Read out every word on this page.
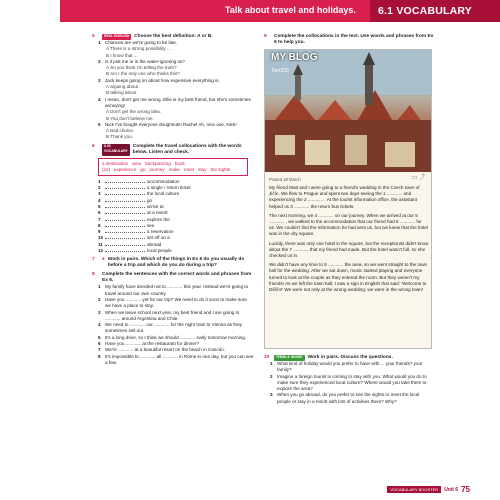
Talk about travel and holidays.	6.1 VOCABULARY
5	REAL ENGLISH	Choose the best definition: A or B.
1 Chances are we're going to be late.
A There is a strong possibility ...
B I know that ...
2 Is it just me or is the water-ignoring us?
A So you think I'm telling the truth?
B Am I the only one who thinks this?
3 Jack keeps going on about how expensive everything is.
A arguing about
B talking about
4 I mean, don't get me wrong. Ellie is my best friend, but she's sometimes annoying!
A Don't get the wrong idea.
B You don't believe me.
5 Nick I've bought everyone doughnuts! Rachel Ah, nice one, Nick!
A Bad choice.
B Thank you.
6	6.03 VOCABULARY
Complete the travel collocations with the words below. Listen and check.
a destination area backpacking book (x2) experience go journey make meet stay the sights
1	accommodation
2	a single / return ticket
3	the local culture
4	go
5	arrive at
6	at a resort
7	explore the
8	see
9	a reservation
10	set off on a
11	abroad
12	local people
7	● Work in pairs. Which of the things in Ex 6 do you usually do before a trip and which do you do during a trip?
8	Complete the sentences with the correct words and phrases from Ex 6.
1 My family have decided not to ............ this year. Instead we're going to travel around our own country.
2 Have you ............ yet for our trip? We need to do it soon to make sure we have a place to stay.
3 When we leave school next year, my best friend and I are going to ............ around Argentina and Chile.
4 We need to ............ our ............ for the night train to Vienna as they sometimes sell out.
5 It's a long drive, so I think we should ............ early tomorrow morning.
6 Have you ............ at the restaurant for dinner?
7 We're ............ at a beautiful resort on the beach in Cancún.
8 It's impossible to ............ all ............ in Rome in one day, but you can see a few.
9	Complete the collocations in the text. Use words and phrases from Ex 6 to help you.
MY BLOG
Tom333
Posted 18 March	▭ ⤴

My friend Matt and I were going to a friend's wedding in the Czech town of Jičín. We flew to Prague and spent two days seeing the 1 ............ and experiencing the 2 ............ . At the tourist information office, the assistant helped us 3 ............ the return bus tickets.

The next morning, we 4 ............ on our journey. When we arrived at our 5 ............ , we walked to the accommodation that our friend had 6 ............ for us. We couldn't find the information he had sent us, but we knew that the hotel was in the city square.

Luckily, there was only one hotel in the square, but the receptionist didn't know about the 7 ............ that my friend had made. But the hotel wasn't full, so she checked us in.

We didn't have any time to 8 ............ the area, so we went straight to the town hall for the wedding. After we sat down, music started playing and everyone turned to look at the couple as they entered the room. But they weren't my friends! As we left the town hall, I saw a sign in English that said: 'Welcome to Děčín!' We were not only at the wrong wedding; we were in the wrong town!

10	THINK & SHARE	Work in pairs. Discuss the questions.
1 What kind of holiday would you prefer to have with ... your friends? your family?
2 Imagine a foreign tourist is coming to stay with you. What would you do to make sure they experienced local culture? Where would you take them to explore the area?
3 When you go abroad, do you prefer to see the sights or meet the local people or stay in a resort with lots of activities there? Why?
VOCABULARY BOOSTER	Unit 6 75
